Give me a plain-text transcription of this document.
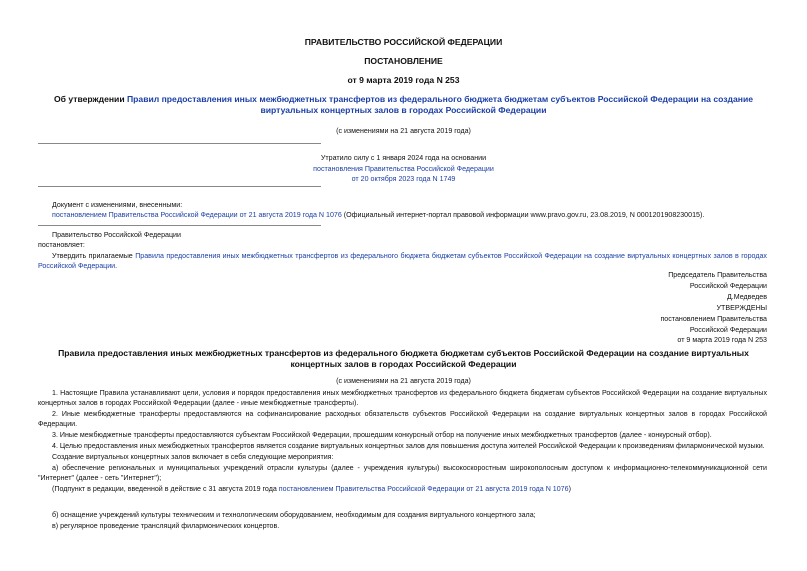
ПРАВИТЕЛЬСТВО РОССИЙСКОЙ ФЕДЕРАЦИИ
ПОСТАНОВЛЕНИЕ
от 9 марта 2019 года N 253
Об утверждении Правил предоставления иных межбюджетных трансфертов из федерального бюджета бюджетам субъектов Российской Федерации на создание виртуальных концертных залов в городах Российской Федерации
(с изменениями на 21 августа 2019 года)
Утратило силу с 1 января 2024 года на основании
постановления Правительства Российской Федерации
от 20 октября 2023 года N 1749
Документ с изменениями, внесенными:
постановлением Правительства Российской Федерации от 21 августа 2019 года N 1076 (Официальный интернет-портал правовой информации www.pravo.gov.ru, 23.08.2019, N 0001201908230015).
Правительство Российской Федерации
постановляет:
Утвердить прилагаемые Правила предоставления иных межбюджетных трансфертов из федерального бюджета бюджетам субъектов Российской Федерации на создание виртуальных концертных залов в городах Российской Федерации.
Председатель Правительства
Российской Федерации
Д.Медведев
УТВЕРЖДЕНЫ
постановлением Правительства
Российской Федерации
от 9 марта 2019 года N 253
Правила предоставления иных межбюджетных трансфертов из федерального бюджета бюджетам субъектов Российской Федерации на создание виртуальных концертных залов в городах Российской Федерации
(с изменениями на 21 августа 2019 года)

1. Настоящие Правила устанавливают цели, условия и порядок предоставления иных межбюджетных трансфертов из федерального бюджета бюджетам субъектов Российской Федерации на создание виртуальных концертных залов в городах Российской Федерации (далее - иные межбюджетные трансферты).

2. Иные межбюджетные трансферты предоставляются на софинансирование расходных обязательств субъектов Российской Федерации на создание виртуальных концертных залов в городах Российской Федерации.

3. Иные межбюджетные трансферты предоставляются субъектам Российской Федерации, прошедшим конкурсный отбор на получение иных межбюджетных трансфертов (далее - конкурсный отбор).

4. Целью предоставления иных межбюджетных трансфертов является создание виртуальных концертных залов для повышения доступа жителей Российской Федерации к произведениям филармонической музыки.

Создание виртуальных концертных залов включает в себя следующие мероприятия:

а) обеспечение региональных и муниципальных учреждений отрасли культуры (далее - учреждения культуры) высокоскоростным широкополосным доступом к информационно-телекоммуникационной сети "Интернет" (далее - сеть "Интернет");

(Подпункт в редакции, введенной в действие с 31 августа 2019 года постановлением Правительства Российской Федерации от 21 августа 2019 года N 1076)

б) оснащение учреждений культуры техническим и технологическим оборудованием, необходимым для создания виртуального концертного зала;
в) регулярное проведение трансляций филармонических концертов.
